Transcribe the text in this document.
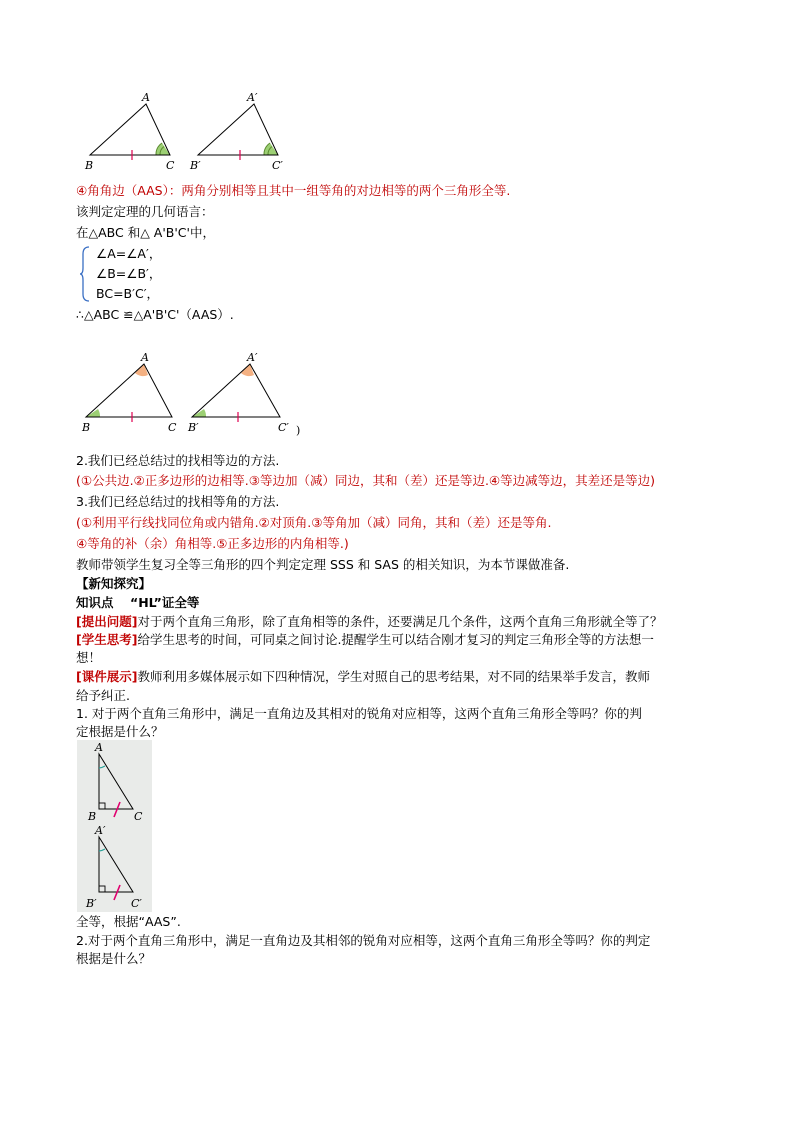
A
B	C
A′
B′	C′
④角角边（AAS）：两角分别相等且其中一组等角的对边相等的两个三角形全等.
该判定定理的几何语言：
在△ABC 和△ A'B'C'中，
∠A=∠A′，
∠B=∠B′，
BC=B′C′，
∴△ABC ≌△A'B'C'（AAS）.
A
B	C
A′
B′	C′ )
2.我们已经总结过的找相等边的方法.
(①公共边.②正多边形的边相等.③等边加（减）同边，其和（差）还是等边.④等边减等边，其差还是等边)
3.我们已经总结过的找相等角的方法.
(①利用平行线找同位角或内错角.②对顶角.③等角加（减）同角，其和（差）还是等角.
④等角的补（余）角相等.⑤正多边形的内角相等.)
教师带领学生复习全等三角形的四个判定定理 SSS 和 SAS 的相关知识，为本节课做准备.
【新知探究】
知识点 “HL”证全等
[提出问题]对于两个直角三角形，除了直角相等的条件，还要满足几个条件，这两个直角三角形就全等了？
[学生思考]给学生思考的时间，可同桌之间讨论.提醒学生可以结合刚才复习的判定三角形全等的方法想一
想！
[课件展示]教师利用多媒体展示如下四种情况，学生对照自己的思考结果，对不同的结果举手发言，教师
给予纠正.
1. 对于两个直角三角形中，满足一直角边及其相对的锐角对应相等，这两个直角三角形全等吗？你的判
定根据是什么？
A
B	C
A′
B′	C′
全等，根据“AAS”.
2.对于两个直角三角形中，满足一直角边及其相邻的锐角对应相等，这两个直角三角形全等吗？你的判定
根据是什么？
